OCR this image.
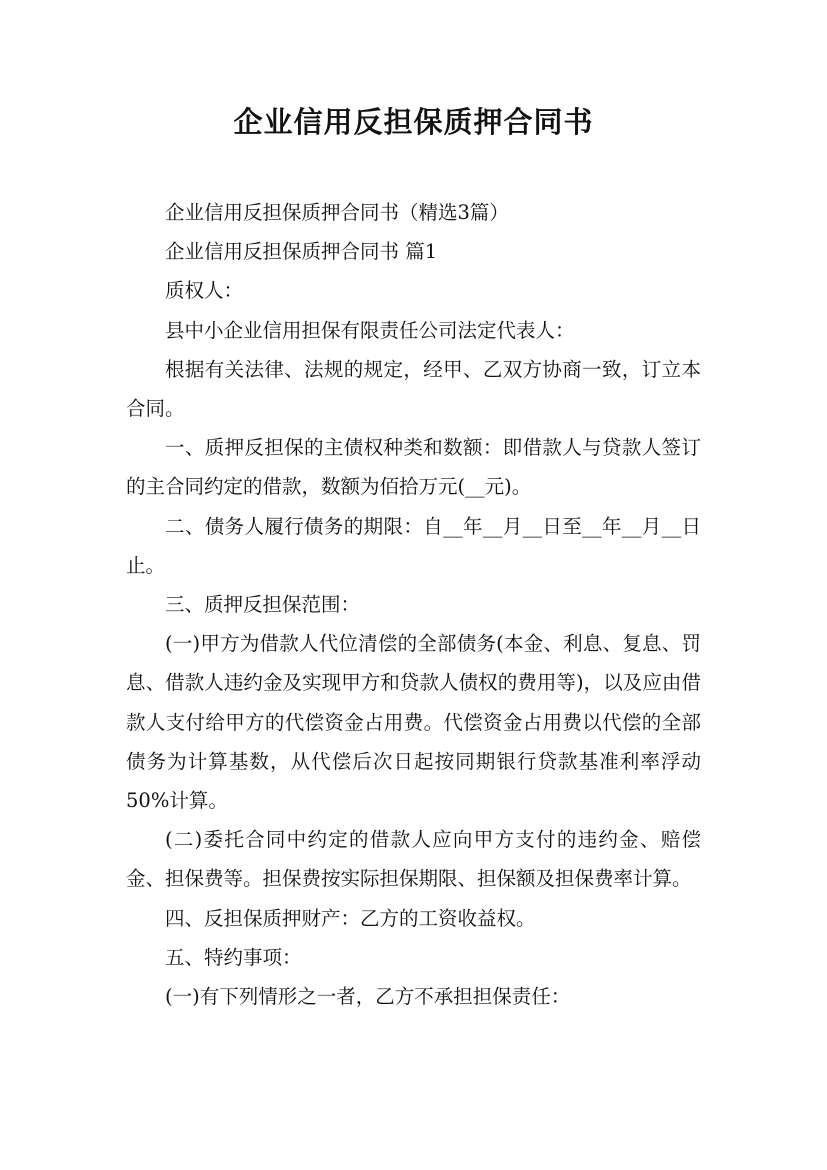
企业信用反担保质押合同书

企业信用反担保质押合同书（精选3篇）

企业信用反担保质押合同书 篇1

质权人：

县中小企业信用担保有限责任公司法定代表人：

根据有关法律、法规的规定，经甲、乙双方协商一致，订立本合同。

一、质押反担保的主债权种类和数额：即借款人与贷款人签订的主合同约定的借款，数额为佰拾万元(__元)。

二、债务人履行债务的期限：自__年__月__日至__年__月__日止。

三、质押反担保范围：

(一)甲方为借款人代位清偿的全部债务(本金、利息、复息、罚息、借款人违约金及实现甲方和贷款人债权的费用等)，以及应由借款人支付给甲方的代偿资金占用费。代偿资金占用费以代偿的全部债务为计算基数，从代偿后次日起按同期银行贷款基准利率浮动50%计算。

(二)委托合同中约定的借款人应向甲方支付的违约金、赔偿金、担保费等。担保费按实际担保期限、担保额及担保费率计算。

四、反担保质押财产：乙方的工资收益权。

五、特约事项：

(一)有下列情形之一者，乙方不承担担保责任：
